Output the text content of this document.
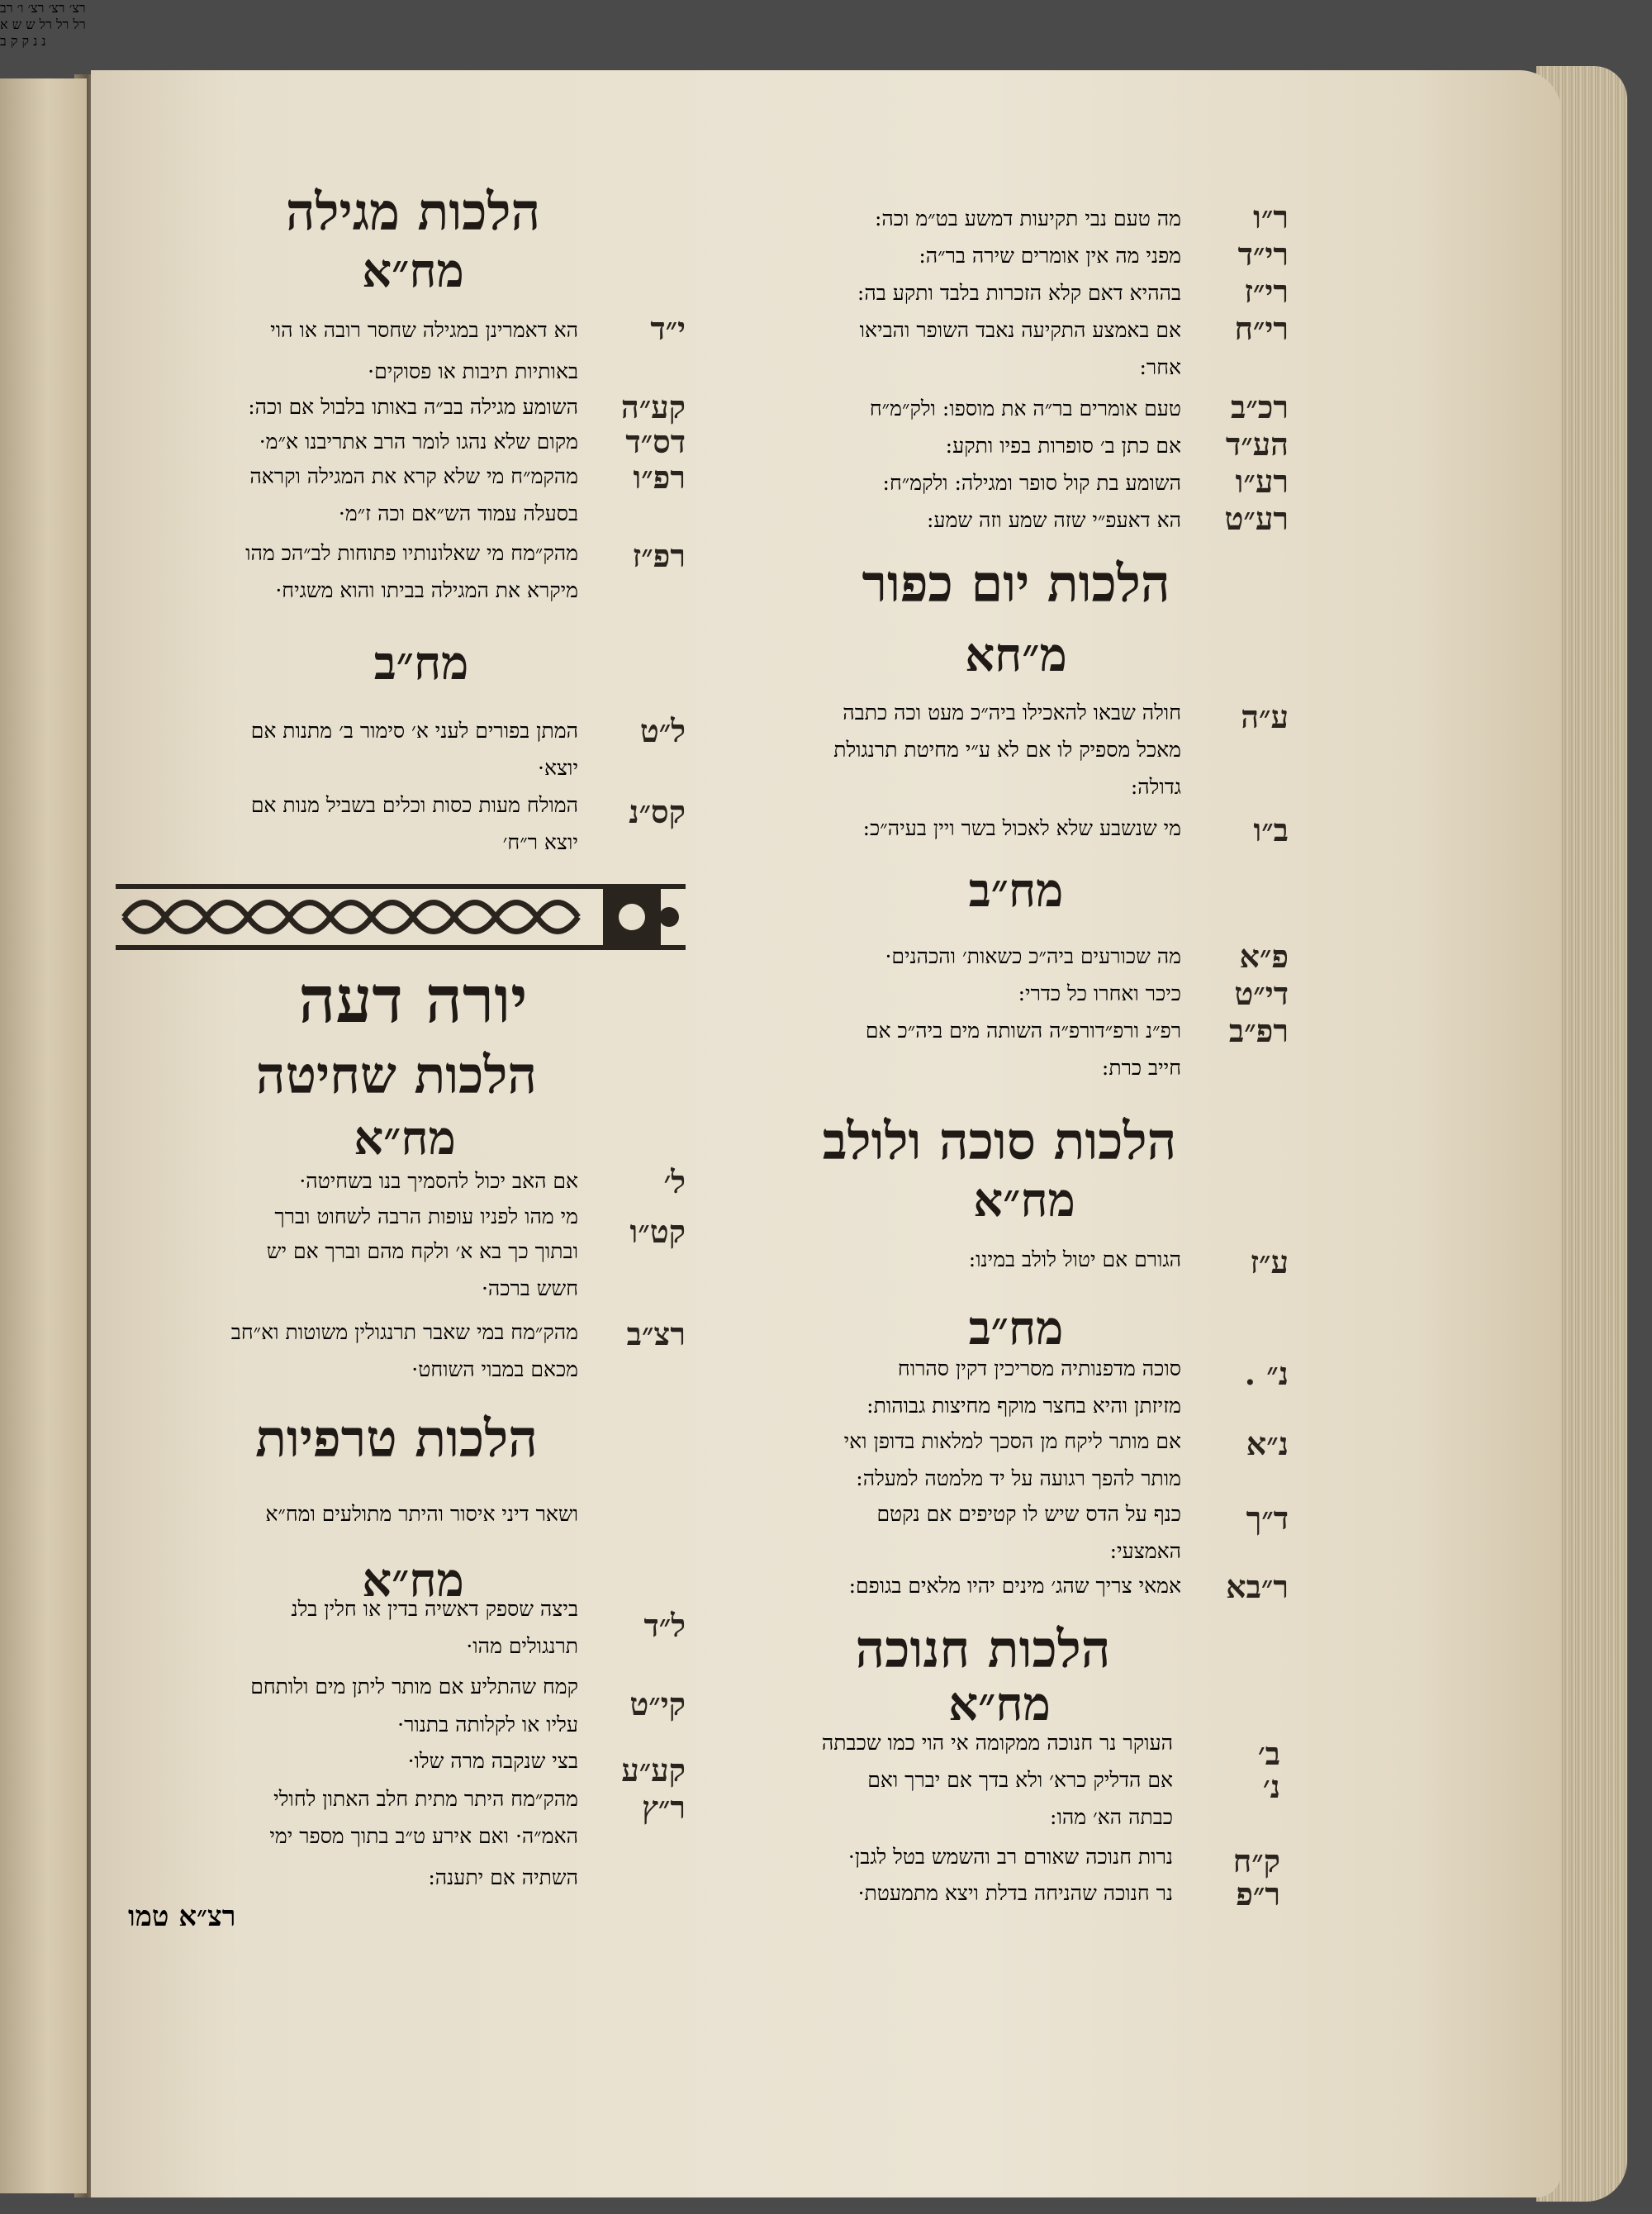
רצ׳ רצ׳ רצ׳ ו׳ רב רל רל רל ש ש א נ נ ק ק ב
ר״ו
מה טעם נבי תקיעות דמשע בט״מ וכה:
רי״ד
מפני מה אין אומרים שירה בר״ה:
רי״ז
בההיא דאם קלא הזכרות בלבד ותקע בה:
רי״ח
אם באמצע התקיעה נאבד השופר והביאו
אחר:
רכ״ב
טעם אומרים בר״ה את מוספו: ולק״מ״ח
הע״ד
אם כתן ב׳ סופרות בפיו ותקע:
רע״ו
השומע בת קול סופר ומגילה: ולקמ״ח:
רע״ט
הא דאעפ״י שזה שמע וזה שמע:
הלכות יום כפור
מ״חא
ע״ה
חולה שבאו להאכילו ביה״כ מעט וכה כתבה
מאכל מספיק לו אם לא ע״י מחיטת תרנגולת
גדולה:
ב״ו
מי שנשבע שלא לאכול בשר ויין בעיה״כ:
מח״ב
פ״א
מה שכורעים ביה״כ כשאות׳ והכהנים·
די״ט
כיכר ואחרו כל כדרי:
רפ״ב
רפ״נ ורפ״דורפ״ה השותה מים ביה״כ אם
חייב כרת:
הלכות סוכה ולולב
מח״א
ע״ז
הגורם אם יטול לולב במינו:
מח״ב
נ״ .
סוכה מדפנותיה מסריכין דקין סהרוח
מזיזתן והיא בחצר מוקף מחיצות גבוהות:
נ״א
אם מותר ליקח מן הסכך למלאות בדופן ואי
מותר להפך רגועה על יד מלמטה למעלה:
ד״ך
כנף על הדס שיש לו קטיפים אם נקטם
האמצעי:
ר״בא
אמאי צריך שהג׳ מינים יהיו מלאים בגופם:
הלכות חנוכה
מח״א
ב׳
העוקר נר חנוכה ממקומה אי הוי כמו שכבתה
נ׳
אם הדליק כרא׳ ולא בדך אם יברך ואם
כבתה הא׳ מהו:
ק״ח
נרות חנוכה שאורם רב והשמש בטל לגבן·
ר״פ
נר חנוכה שהניחה בדלת ויצא מתמעטת·
הלכות מגילה
מח״א
י״ד
הא דאמרינן במגילה שחסר רובה או הוי
באותיות תיבות או פסוקים·
קע״ה
השומע מגילה בב״ה באותו בלבול אם וכה:
דס״ד
מקום שלא נהגו לומר הרב אתריבנו א״מ·
רפ״ו
מהקמ״ח מי שלא קרא את המגילה וקראה
בסעלה עמוד הש״אם וכה ז״מ·
רפ״ז
מהק״מח מי שאלונותיו פתוחות לב״הכ מהו
מיקרא את המגילה בביתו והוא משגיח·
מח״ב
ל״ט
המתן בפורים לעני א׳ סימור ב׳ מתנות אם
יוצא·
קס״נ
המולח מעות כסות וכלים בשביל מנות אם
יוצא ר״ח׳
יורה דעה
הלכות שחיטה
מח״א
ל׳
אם האב יכול להסמיך בנו בשחיטה·
קט״ו
מי מהו לפניו עופות הרבה לשחוט וברך
ובתוך כך בא א׳ ולקח מהם וברך אם יש
חשש ברכה·
רצ״ב
מהק״מח במי שאבר תרנגולין משוטות וא״חב
מכאם במבוי השוחט·
הלכות טרפיות
ושאר דיני איסור והיתר מתולעים ומח״א
מח״א
ל״ד
ביצה שספק דאשיה בדין או חלין בלנ
תרנגולים מהו·
קי״ט
קמח שהתליע אם מותר ליתן מים ולותחם
עליו או לקלותה בתנור·
קע״ע
בצי שנקבה מרה שלו·
ר״ץ
מהק״מח היתר מתית חלב האתון לחולי
האמ״ה· ואם אירע ט״ב בתוך מספר ימי
השתיה אם יתענה:
רצ״א טמו
